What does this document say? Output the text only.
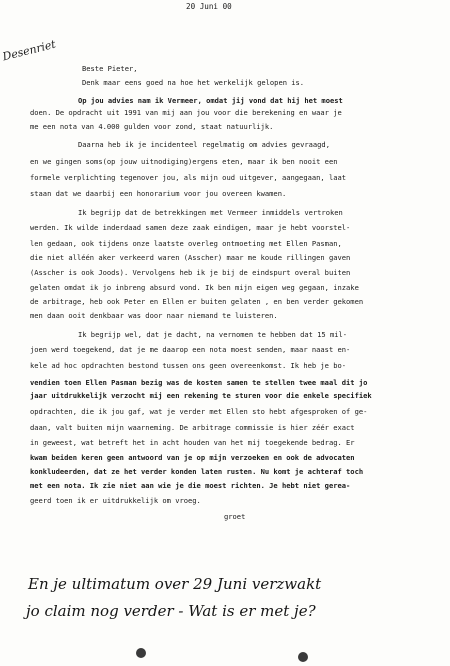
20 Juni 00
Desenriet
Beste Pieter,
Denk maar eens goed na hoe het werkelijk gelopen is.
Op jou advies nam ik Vermeer, omdat jij vond dat hij het moest
doen. De opdracht uit 1991 van mij aan jou voor die berekening en waar je
me een nota van 4.000 gulden voor zond, staat natuurlijk.
Daarna heb ik je incidenteel regelmatig om advies gevraagd,
en we gingen soms(op jouw uitnodiging)ergens eten, maar ik ben nooit een
formele verplichting tegenover jou, als mijn oud uitgever, aangegaan, laat
staan dat we daarbij een honorarium voor jou overeen kwamen.
Ik begrijp dat de betrekkingen met Vermeer inmiddels vertroken
werden. Ik wilde inderdaad samen deze zaak eindigen, maar je hebt voorstel-
len gedaan, ook tijdens onze laatste overleg ontmoeting met Ellen Pasman,
die niet alléén aker verkeerd waren (Asscher) maar me koude rillingen gaven
(Asscher is ook Joods). Vervolgens heb ik je bij de eindspurt overal buiten
gelaten omdat ik jo inbreng absurd vond. Ik ben mijn eigen weg gegaan, inzake
de arbitrage, heb ook Peter en Ellen er buiten gelaten , en ben verder gekomen
men daan ooit denkbaar was door naar niemand te luisteren.
Ik begrijp wel, dat je dacht, na vernomen te hebben dat 15 mil-
joen werd toegekend, dat je me daarop een nota moest senden, maar naast en-
kele ad hoc opdrachten bestond tussen ons geen overeenkomst. Ik heb je bo-
vendien toen Ellen Pasman bezig was de kosten samen te stellen twee maal dit jo
jaar uitdrukkelijk verzocht mij een rekening te sturen voor die enkele specifiek
opdrachten, die ik jou gaf, wat je verder met Ellen sto hebt afgesproken of ge-
daan, valt buiten mijn waarneming. De arbitrage commissie is hier zéér exact
in geweest, wat betreft het in acht houden van het mij toegekende bedrag. Er
kwam beiden keren geen antwoord van je op mijn verzoeken en ook de advocaten
konkludeerden, dat ze het verder konden laten rusten. Nu komt je achteraf toch
met een nota. Ik zie niet aan wie je die moest richten. Je hebt niet gerea-
geerd toen ik er uitdrukkelijk om vroeg.
groet
En je ultimatum over 29 Juni verzwakt
jo claim nog verder - Wat is er met je?
